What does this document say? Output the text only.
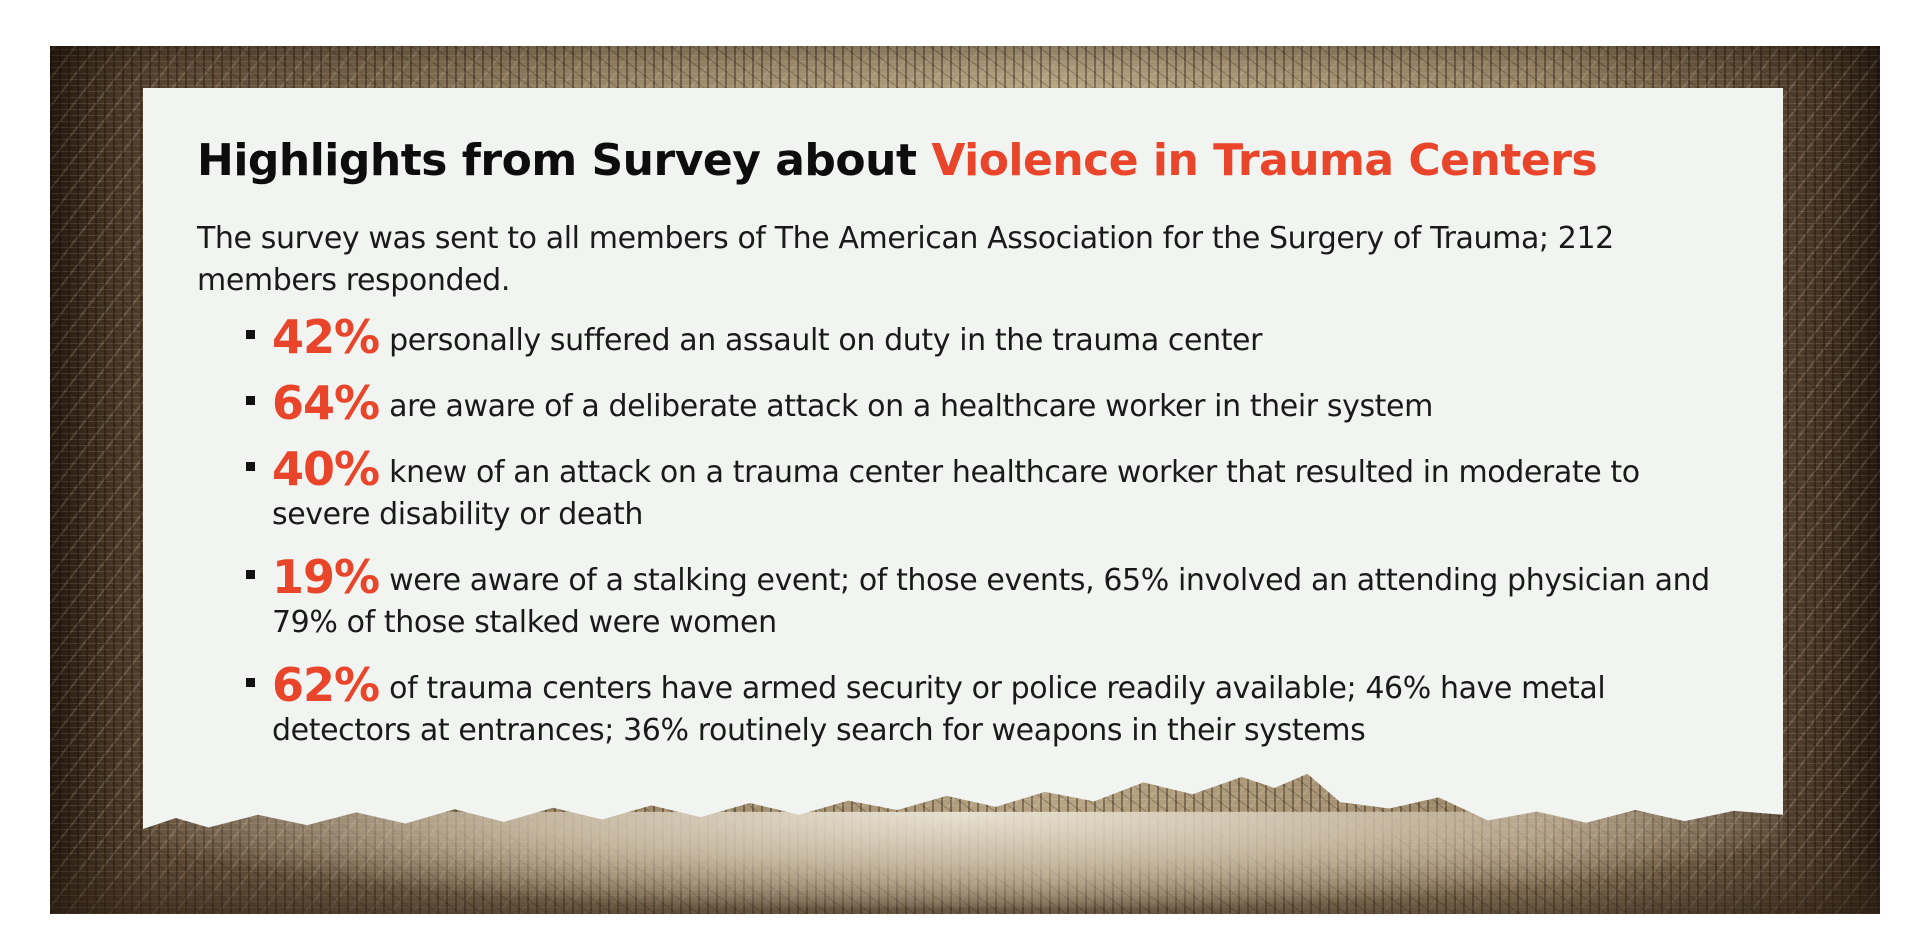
Highlights from Survey about Violence in Trauma Centers

The survey was sent to all members of The American Association for the Surgery of Trauma; 212 members responded.

42% personally suffered an assault on duty in the trauma center
64% are aware of a deliberate attack on a healthcare worker in their system
40% knew of an attack on a trauma center healthcare worker that resulted in moderate to severe disability or death
19% were aware of a stalking event; of those events, 65% involved an attending physician and 79% of those stalked were women
62% of trauma centers have armed security or police readily available; 46% have metal detectors at entrances; 36% routinely search for weapons in their systems
